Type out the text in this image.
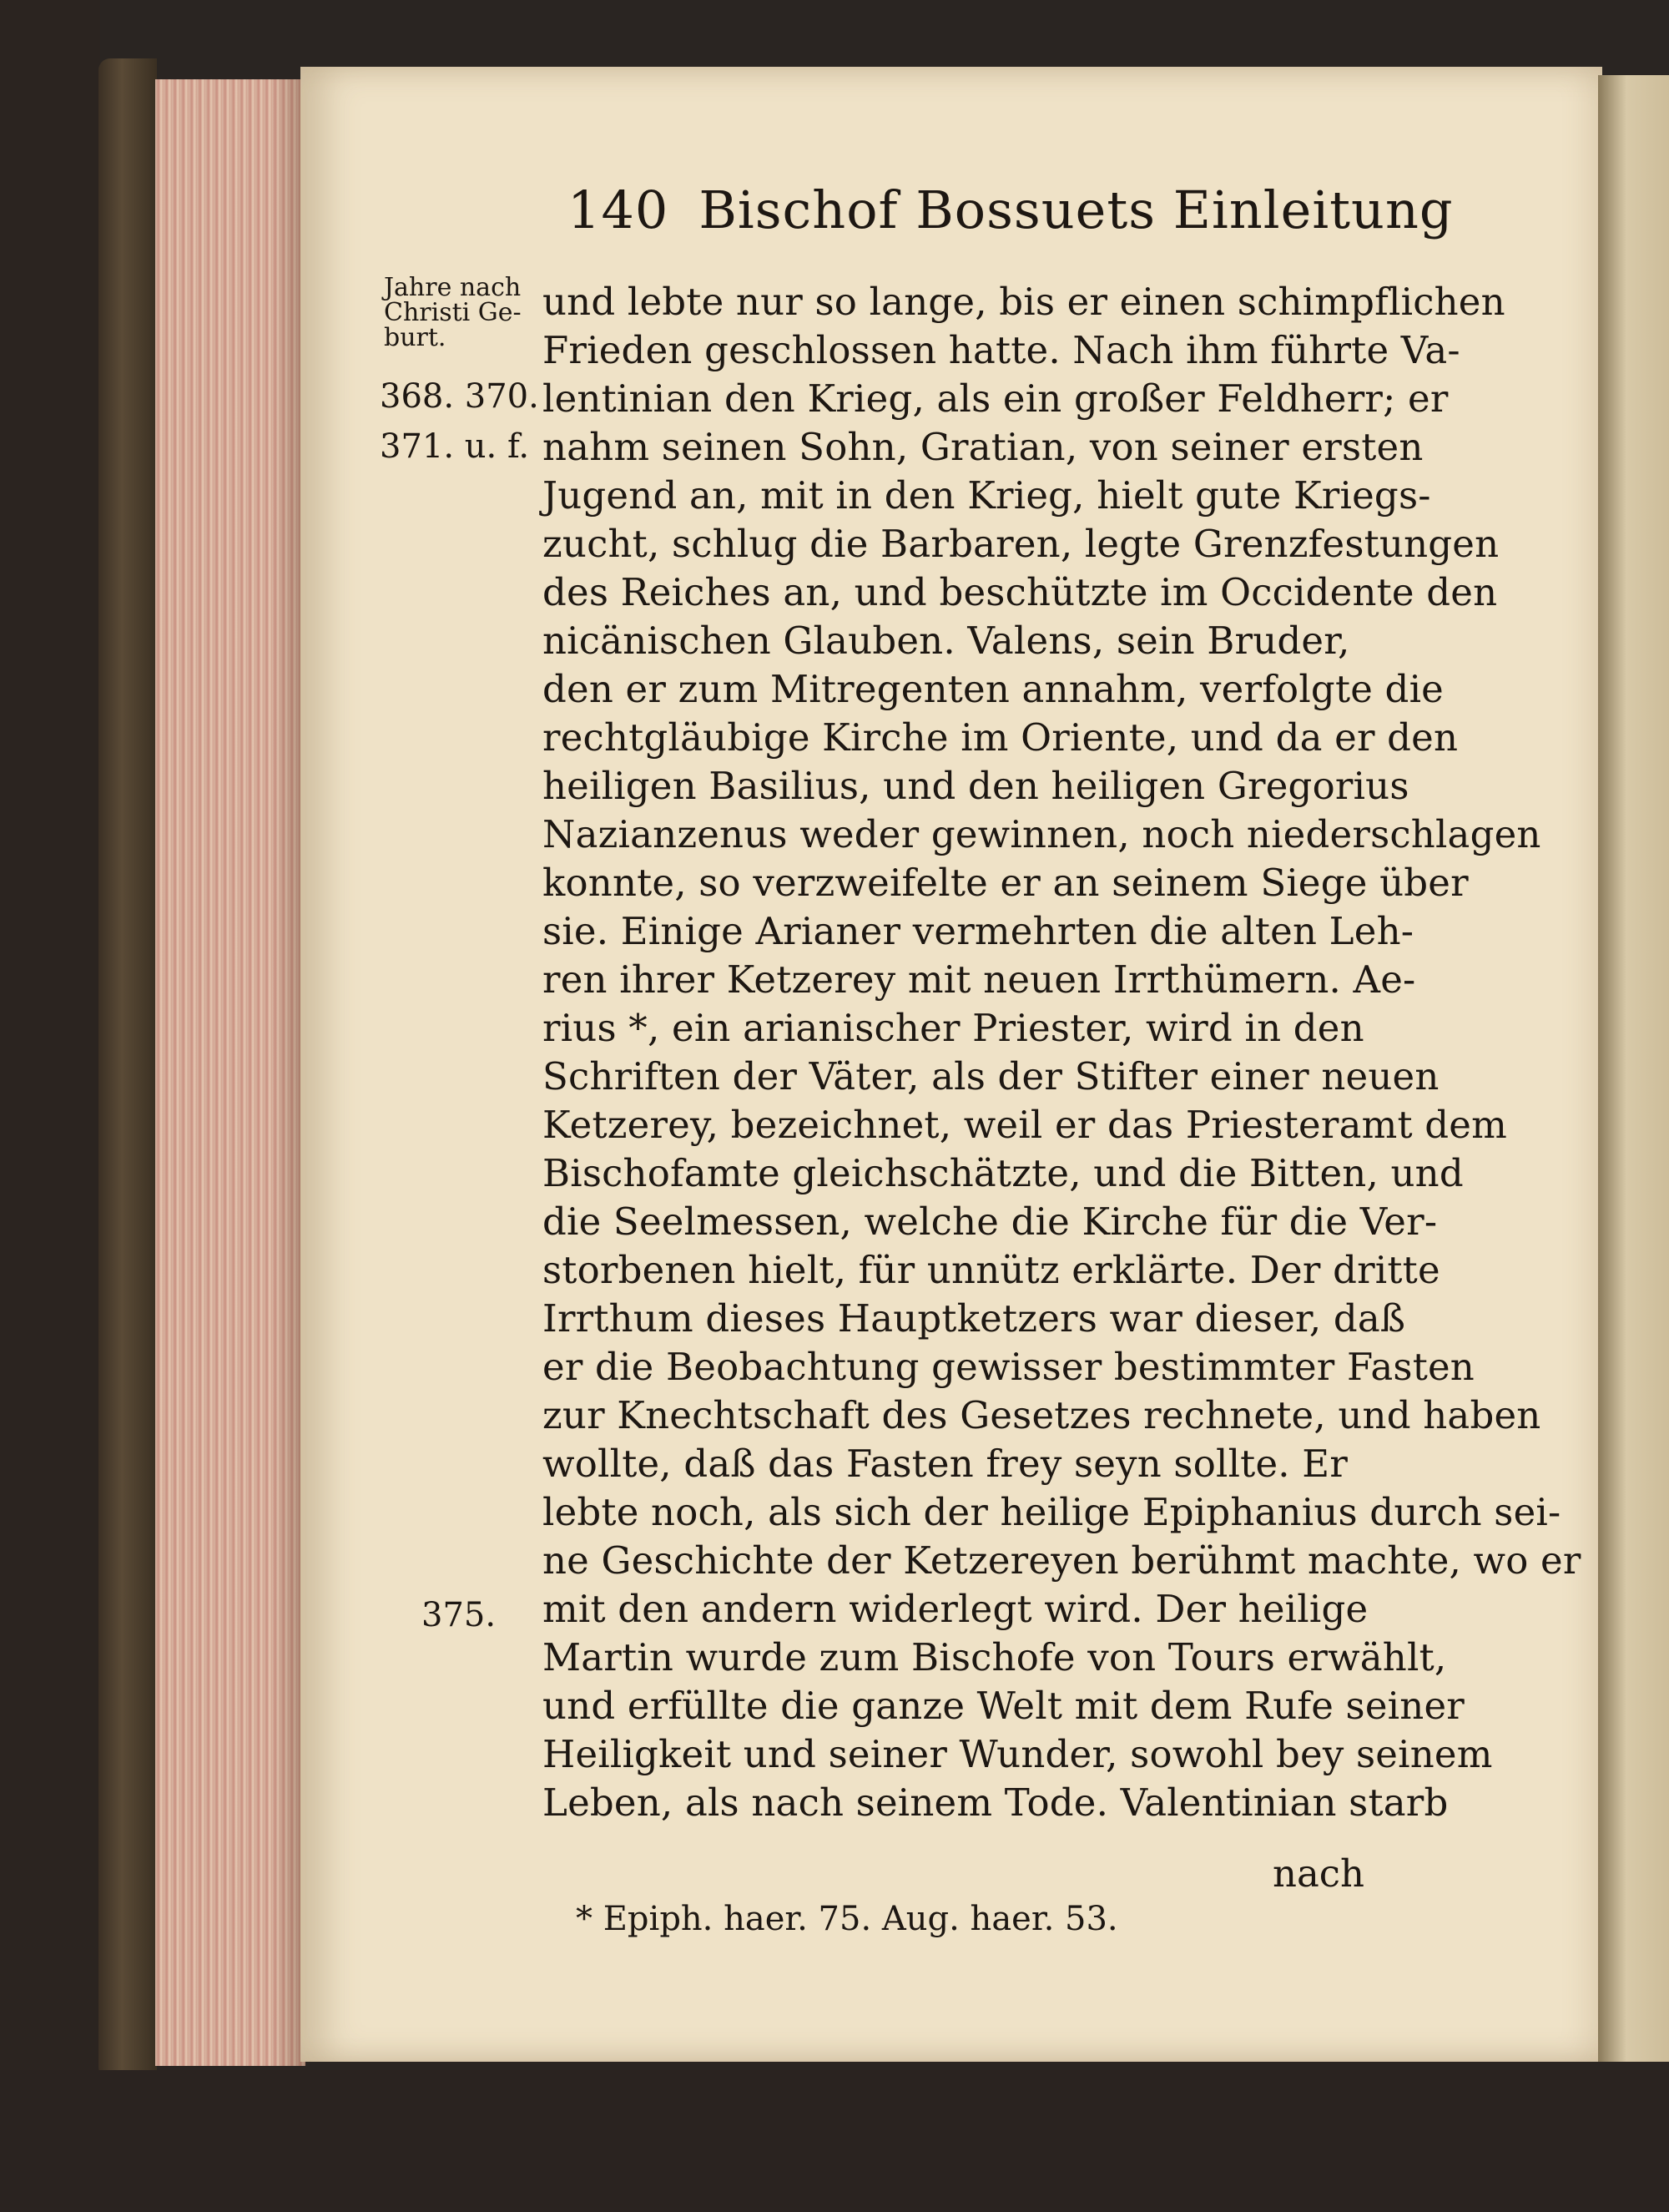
140 Bischof Bossuets Einleitung
Jahre nach Christi Ge- burt.
368. 370.
371. u. f.
375.
und lebte nur so lange, bis er einen schimpflichen
Frieden geschlossen hatte. Nach ihm führte Va-
lentinian den Krieg, als ein großer Feldherr; er
nahm seinen Sohn, Gratian, von seiner ersten
Jugend an, mit in den Krieg, hielt gute Kriegs-
zucht, schlug die Barbaren, legte Grenzfestungen
des Reiches an, und beschützte im Occidente den
nicänischen Glauben. Valens, sein Bruder,
den er zum Mitregenten annahm, verfolgte die
rechtgläubige Kirche im Oriente, und da er den
heiligen Basilius, und den heiligen Gregorius
Nazianzenus weder gewinnen, noch niederschlagen
konnte, so verzweifelte er an seinem Siege über
sie. Einige Arianer vermehrten die alten Leh-
ren ihrer Ketzerey mit neuen Irrthümern. Ae-
rius *, ein arianischer Priester, wird in den
Schriften der Väter, als der Stifter einer neuen
Ketzerey, bezeichnet, weil er das Priesteramt dem
Bischofamte gleichschätzte, und die Bitten, und
die Seelmessen, welche die Kirche für die Ver-
storbenen hielt, für unnütz erklärte. Der dritte
Irrthum dieses Hauptketzers war dieser, daß
er die Beobachtung gewisser bestimmter Fasten
zur Knechtschaft des Gesetzes rechnete, und haben
wollte, daß das Fasten frey seyn sollte. Er
lebte noch, als sich der heilige Epiphanius durch sei-
ne Geschichte der Ketzereyen berühmt machte, wo er
mit den andern widerlegt wird. Der heilige
Martin wurde zum Bischofe von Tours erwählt,
und erfüllte die ganze Welt mit dem Rufe seiner
Heiligkeit und seiner Wunder, sowohl bey seinem
Leben, als nach seinem Tode. Valentinian starb
nach
* Epiph. haer. 75. Aug. haer. 53.
